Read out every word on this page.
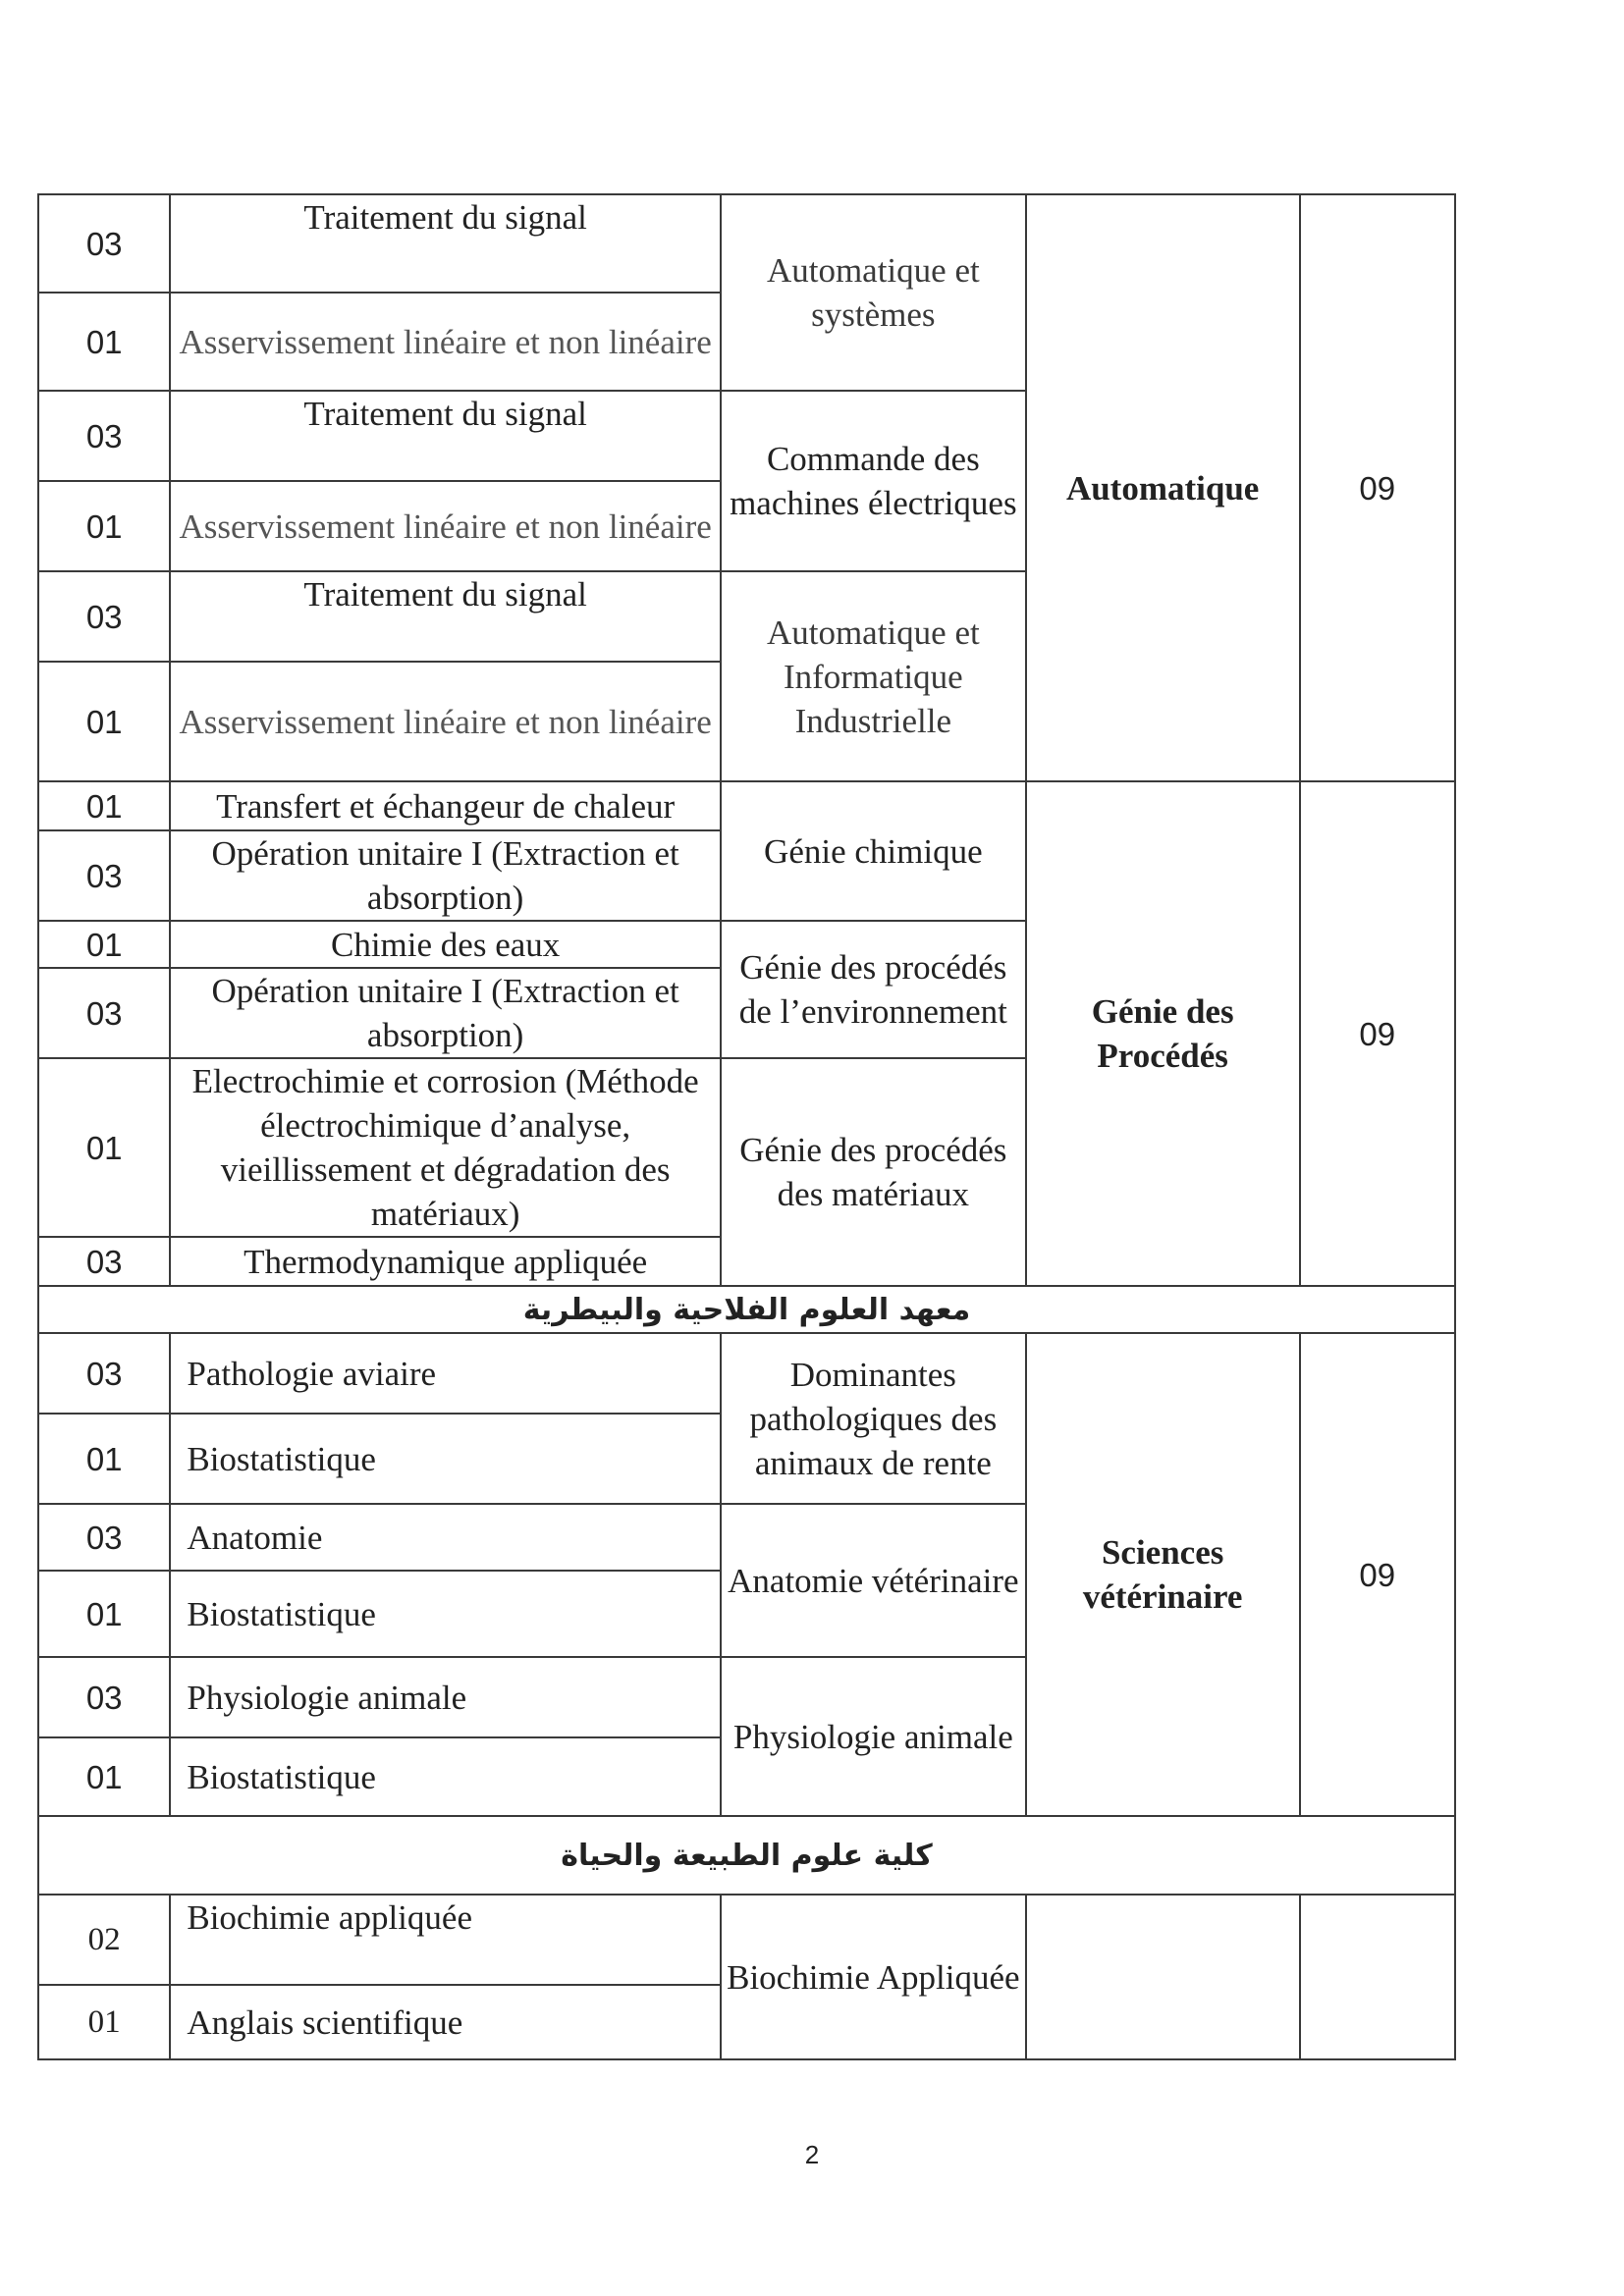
03	Traitement du signal	Automatique et systèmes	Automatique	09
01	Asservissement linéaire et non linéaire			
03	Traitement du signal	Commande des machines électriques		
01	Asservissement linéaire et non linéaire			
03	Traitement du signal	Automatique et Informatique Industrielle		
01	Asservissement linéaire et non linéaire			
01	Transfert et échangeur de chaleur	Génie chimique	Génie des Procédés	09
03	Opération unitaire I (Extraction et absorption)			
01	Chimie des eaux	Génie des procédés de l’environnement		
03	Opération unitaire I (Extraction et absorption)			
01	Electrochimie et corrosion (Méthode électrochimique d’analyse, vieillissement et dégradation des matériaux)	Génie des procédés des matériaux		
03	Thermodynamique appliquée			
معهد العلوم الفلاحية والبيطرية				
03	Pathologie aviaire	Dominantes pathologiques des animaux de rente	Sciences vétérinaire	09
01	Biostatistique			
03	Anatomie	Anatomie vétérinaire		
01	Biostatistique			
03	Physiologie animale	Physiologie animale		
01	Biostatistique			
كلية علوم الطبيعة والحياة				
02	Biochimie appliquée	Biochimie Appliquée		
01	Anglais scientifique			
2
